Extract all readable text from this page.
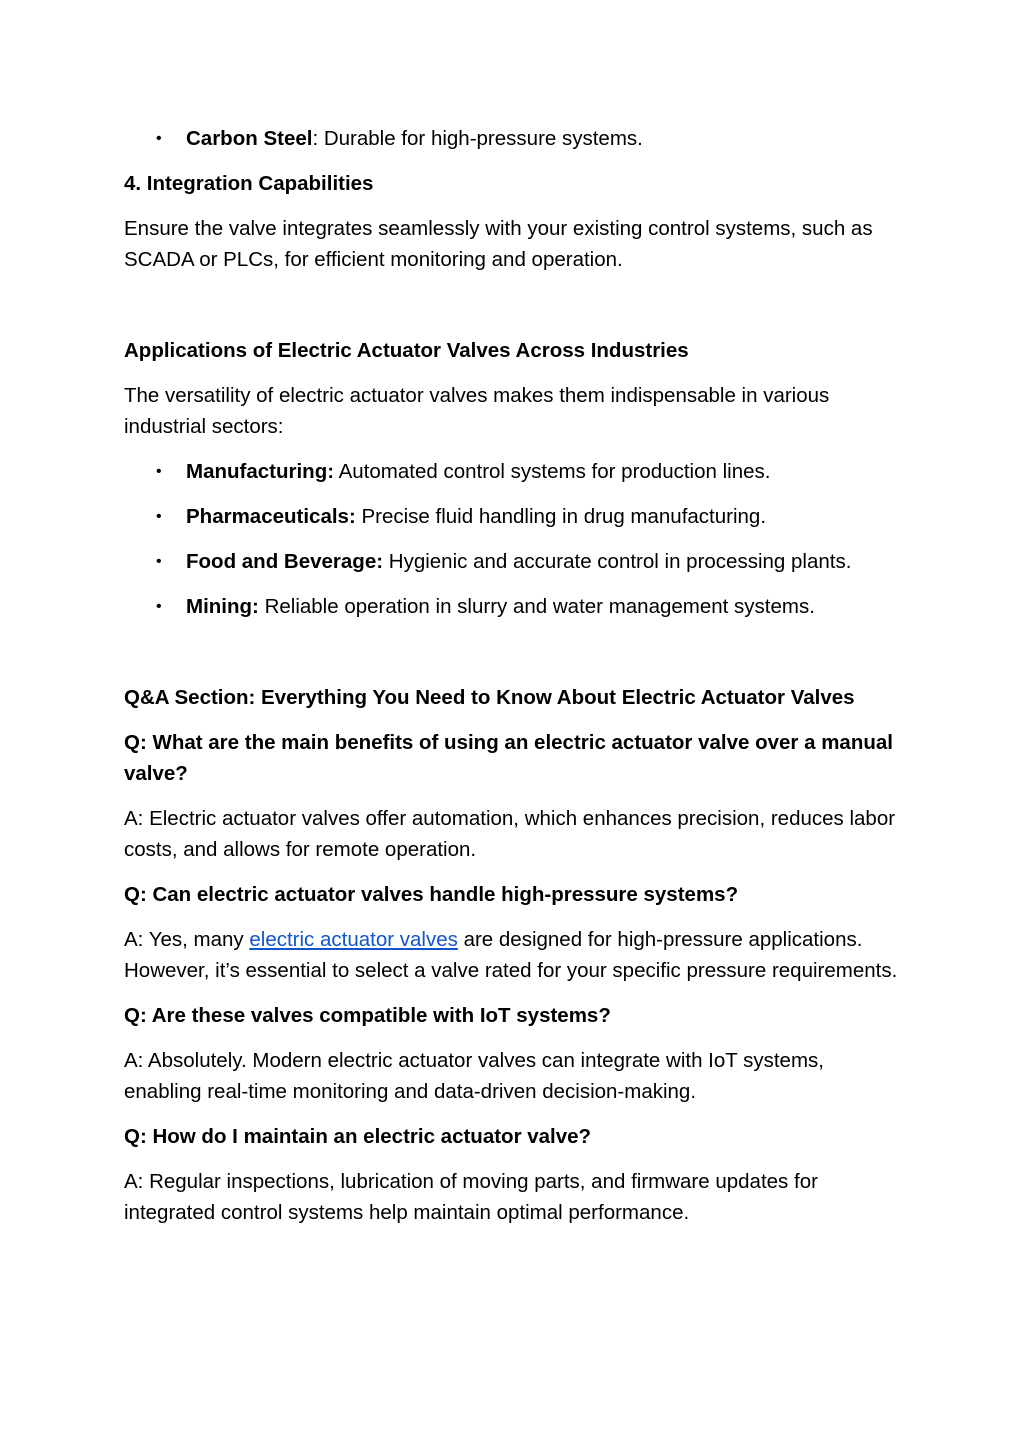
• Carbon Steel: Durable for high-pressure systems.
4. Integration Capabilities

Ensure the valve integrates seamlessly with your existing control systems, such as SCADA or PLCs, for efficient monitoring and operation.

Applications of Electric Actuator Valves Across Industries

The versatility of electric actuator valves makes them indispensable in various industrial sectors:

• Manufacturing: Automated control systems for production lines.
• Pharmaceuticals: Precise fluid handling in drug manufacturing.
• Food and Beverage: Hygienic and accurate control in processing plants.
• Mining: Reliable operation in slurry and water management systems.
Q&A Section: Everything You Need to Know About Electric Actuator Valves

Q: What are the main benefits of using an electric actuator valve over a manual valve?

A: Electric actuator valves offer automation, which enhances precision, reduces labor costs, and allows for remote operation.

Q: Can electric actuator valves handle high-pressure systems?

A: Yes, many electric actuator valves are designed for high-pressure applications. However, it’s essential to select a valve rated for your specific pressure requirements.

Q: Are these valves compatible with IoT systems?

A: Absolutely. Modern electric actuator valves can integrate with IoT systems, enabling real-time monitoring and data-driven decision-making.

Q: How do I maintain an electric actuator valve?

A: Regular inspections, lubrication of moving parts, and firmware updates for integrated control systems help maintain optimal performance.
